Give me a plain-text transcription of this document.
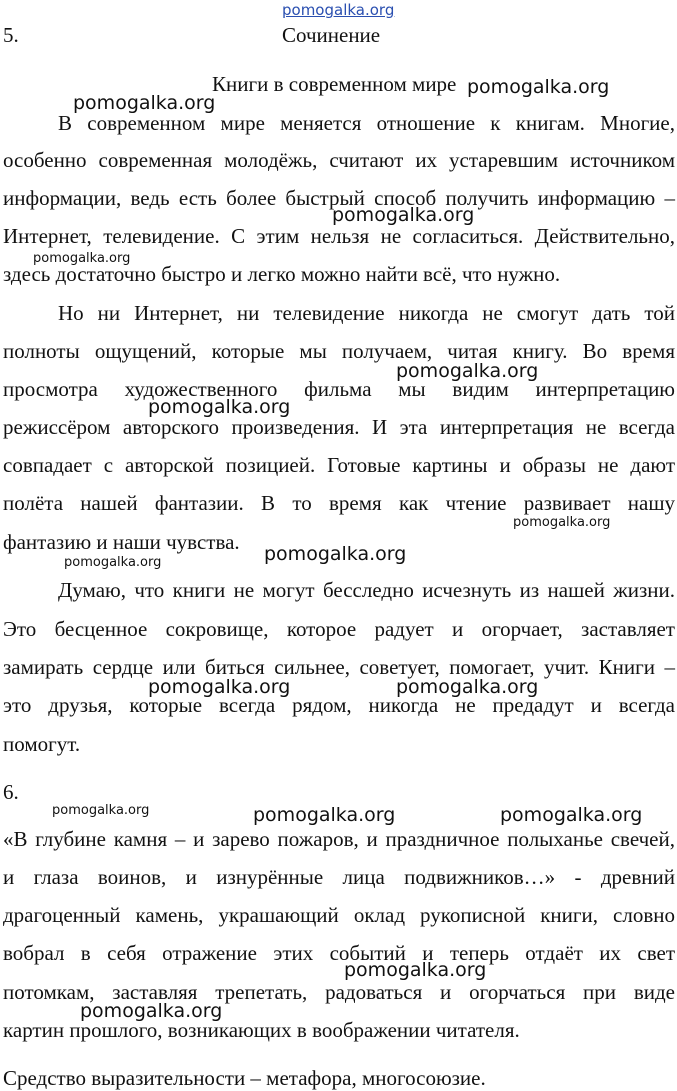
pomogalka.org
5.	Сочинение
Книги в современном мире
В современном мире меняется отношение к книгам. Многие,
особенно современная молодёжь, считают их устаревшим источником
информации, ведь есть более быстрый способ получить информацию –
Интернет, телевидение. С этим нельзя не согласиться. Действительно,
здесь достаточно быстро и легко можно найти всё, что нужно.
Но ни Интернет, ни телевидение никогда не смогут дать той
полноты ощущений, которые мы получаем, читая книгу. Во время
просмотра художественного фильма мы видим интерпретацию
режиссёром авторского произведения. И эта интерпретация не всегда
совпадает с авторской позицией. Готовые картины и образы не дают
полёта нашей фантазии. В то время как чтение развивает нашу
фантазию и наши чувства.
Думаю, что книги не могут бесследно исчезнуть из нашей жизни.
Это бесценное сокровище, которое радует и огорчает, заставляет
замирать сердце или биться сильнее, советует, помогает, учит. Книги –
это друзья, которые всегда рядом, никогда не предадут и всегда
помогут.
6.
«В глубине камня – и зарево пожаров, и праздничное полыханье свечей,
и глаза воинов, и изнурённые лица подвижников…» - древний
драгоценный камень, украшающий оклад рукописной книги, словно
вобрал в себя отражение этих событий и теперь отдаёт их свет
потомкам, заставляя трепетать, радоваться и огорчаться при виде
картин прошлого, возникающих в воображении читателя.
Средство выразительности – метафора, многосоюзие.
pomogalka.org
pomogalka.org
pomogalka.org
pomogalka.org
pomogalka.org
pomogalka.org
pomogalka.org
pomogalka.org
pomogalka.org
pomogalka.org	pomogalka.org
pomogalka.org	pomogalka.org	pomogalka.org
pomogalka.org
pomogalka.org
